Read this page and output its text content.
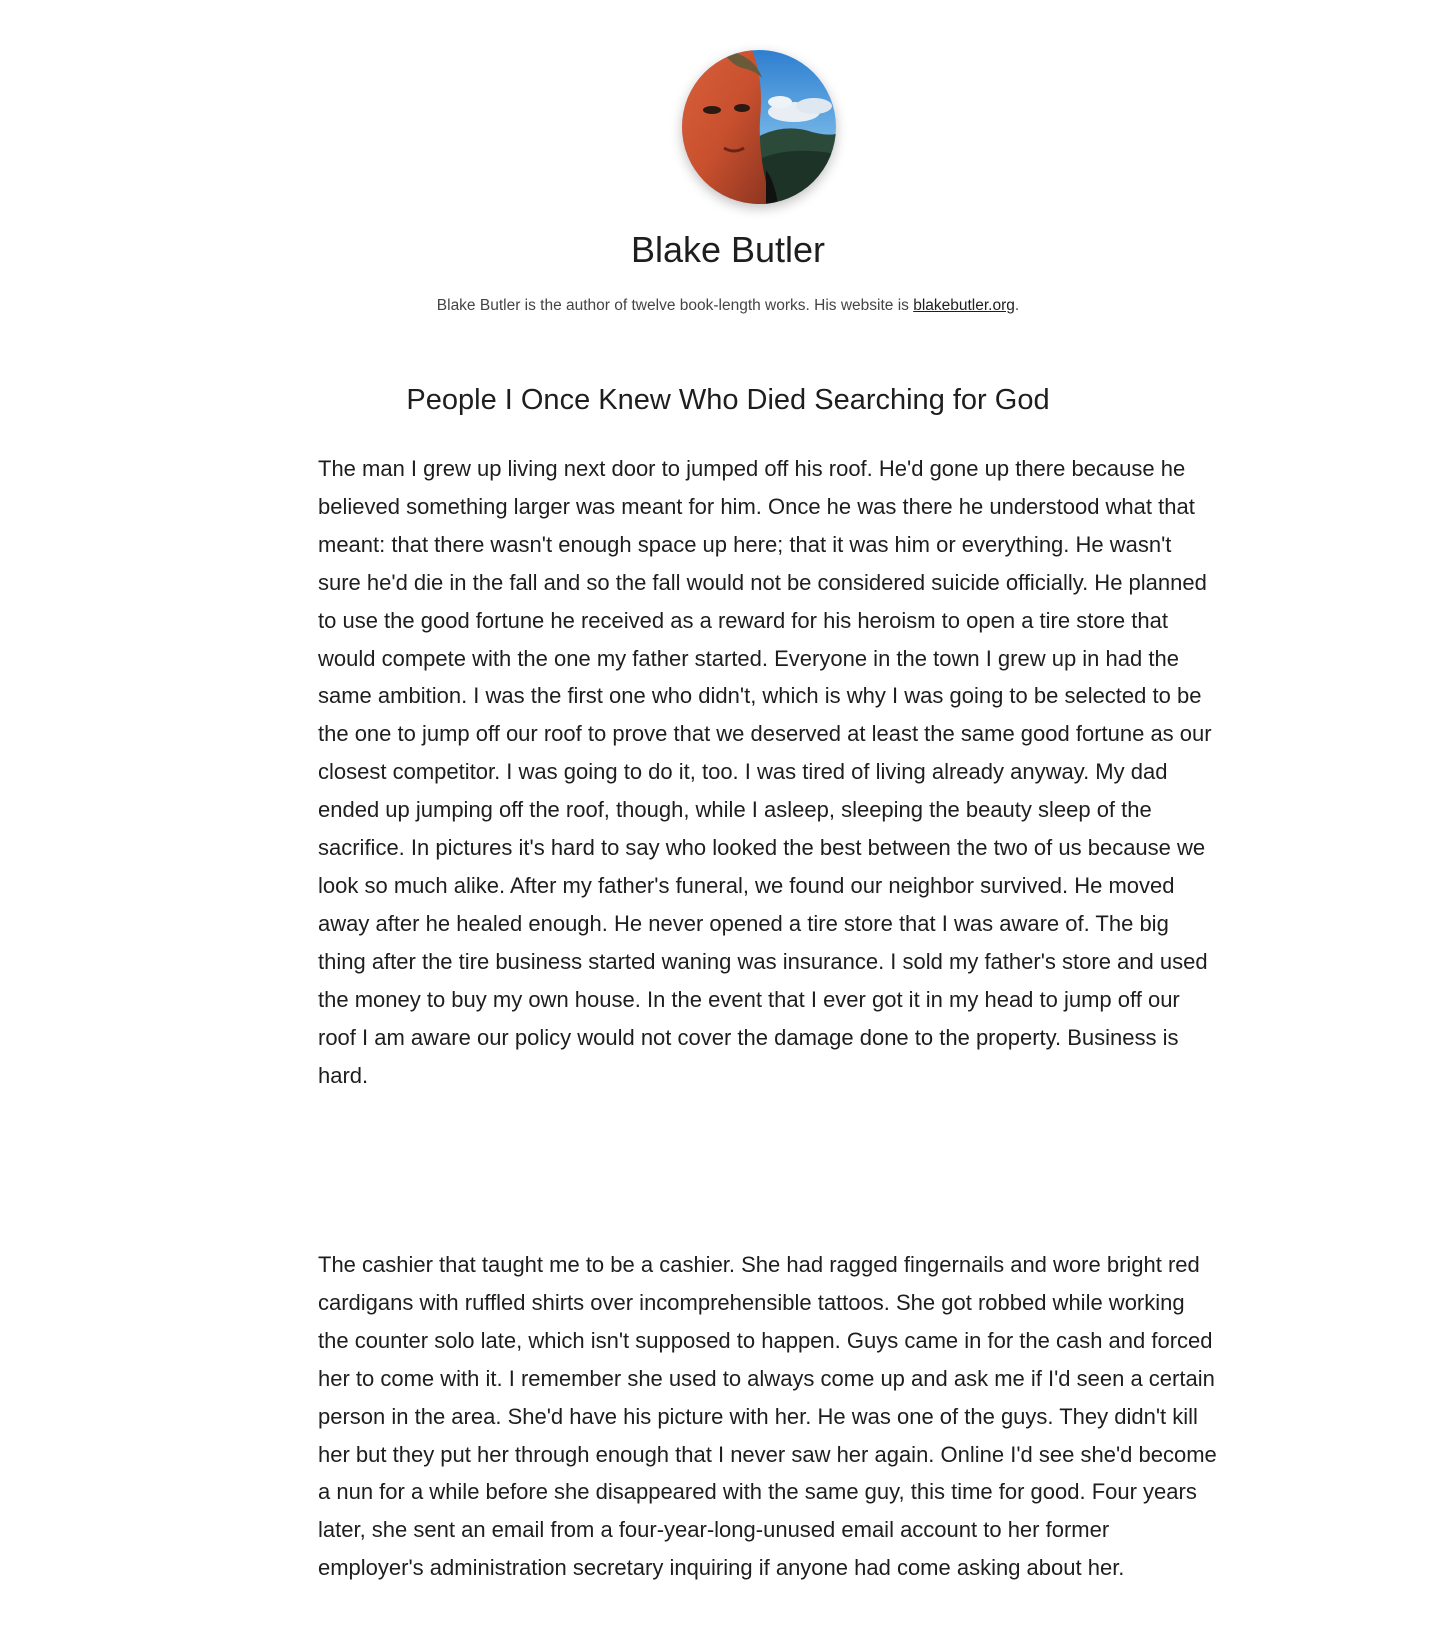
Blake Butler
Blake Butler is the author of twelve book-length works. His website is blakebutler.org.
People I Once Knew Who Died Searching for God

The man I grew up living next door to jumped off his roof. He'd gone up there because he believed something larger was meant for him. Once he was there he understood what that meant: that there wasn't enough space up here; that it was him or everything. He wasn't sure he'd die in the fall and so the fall would not be considered suicide officially. He planned to use the good fortune he received as a reward for his heroism to open a tire store that would compete with the one my father started. Everyone in the town I grew up in had the same ambition. I was the first one who didn't, which is why I was going to be selected to be the one to jump off our roof to prove that we deserved at least the same good fortune as our closest competitor. I was going to do it, too. I was tired of living already anyway. My dad ended up jumping off the roof, though, while I asleep, sleeping the beauty sleep of the sacrifice. In pictures it's hard to say who looked the best between the two of us because we look so much alike. After my father's funeral, we found our neighbor survived. He moved away after he healed enough. He never opened a tire store that I was aware of. The big thing after the tire business started waning was insurance. I sold my father's store and used the money to buy my own house. In the event that I ever got it in my head to jump off our roof I am aware our policy would not cover the damage done to the property. Business is hard.

The cashier that taught me to be a cashier. She had ragged fingernails and wore bright red cardigans with ruffled shirts over incomprehensible tattoos. She got robbed while working the counter solo late, which isn't supposed to happen. Guys came in for the cash and forced her to come with it. I remember she used to always come up and ask me if I'd seen a certain person in the area. She'd have his picture with her. He was one of the guys. They didn't kill her but they put her through enough that I never saw her again. Online I'd see she'd become a nun for a while before she disappeared with the same guy, this time for good. Four years later, she sent an email from a four-year-long-unused email account to her former employer's administration secretary inquiring if anyone had come asking about her.
